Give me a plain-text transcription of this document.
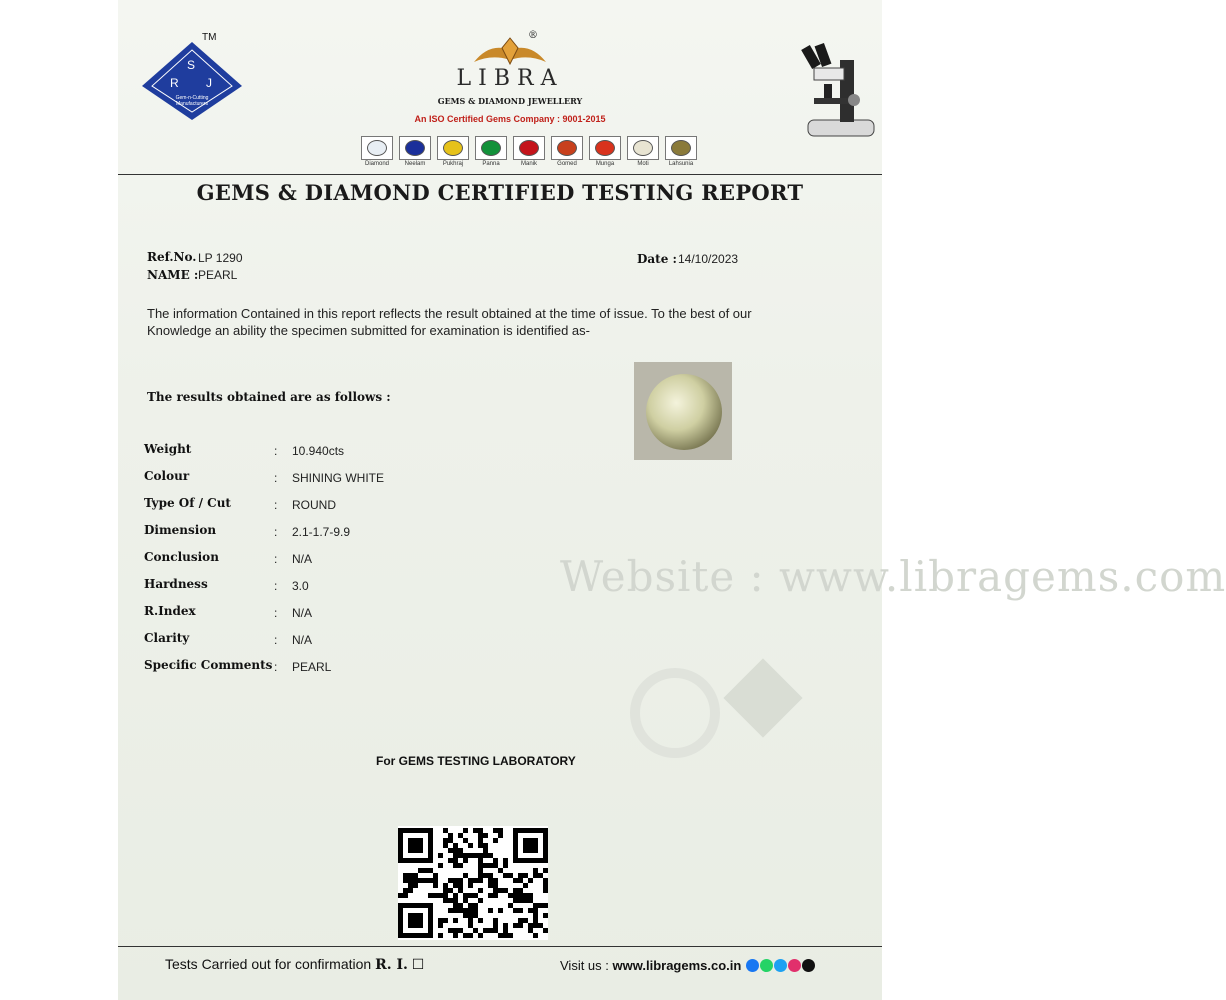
Website : www.libragems.com
TM
S
R J
Gem-n-Cutting Manufacturers
®
LIBRA
GEMS & DIAMOND JEWELLERY
An ISO Certified Gems Company : 9001-2015
Diamond	Neelam	Pukhraj	Panna	Manik	Gomed	Munga	Moti	Lahsunia
GEMS & DIAMOND CERTIFIED TESTING REPORT
Ref.No. LP 1290
NAME : PEARL
Date : 14/10/2023
The information Contained in this report reflects the result obtained at the time of issue. To the best of our Knowledge an ability the specimen submitted for examination is identified as-
The results obtained are as follows :
Weight	: 10.940cts
Colour	: SHINING WHITE
Type Of / Cut	: ROUND
Dimension	: 2.1-1.7-9.9
Conclusion	: N/A
Hardness	: 3.0
R.Index	: N/A
Clarity	: N/A
Specific Comments : PEARL
For GEMS TESTING LABORATORY
Tests Carried out for confirmation R. I. ☐	Visit us : www.libragems.co.in
